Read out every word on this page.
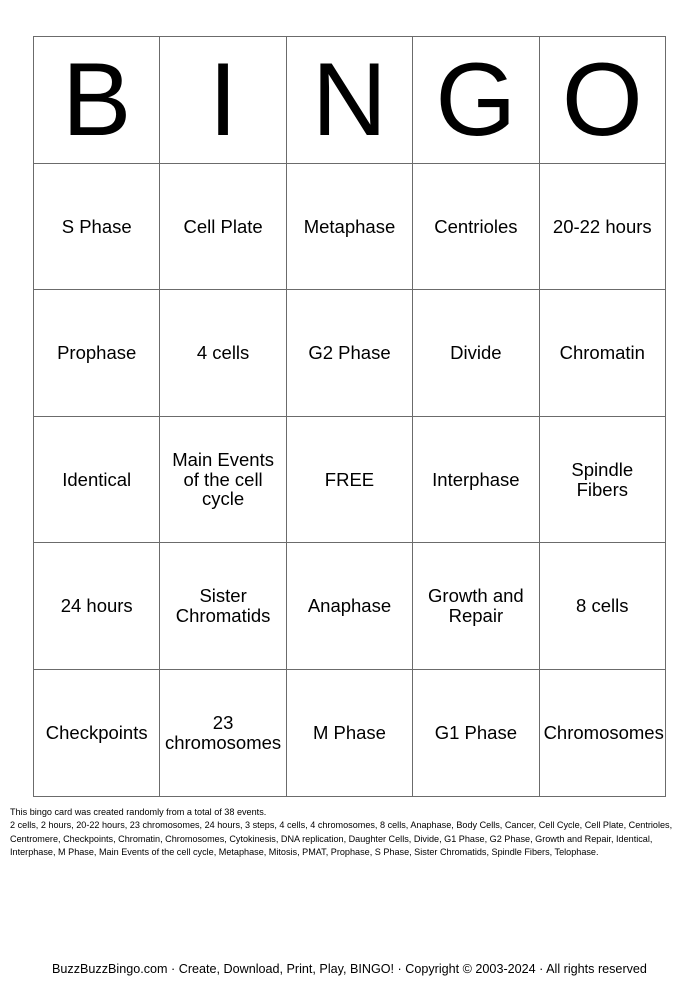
B	I	N	G	O
S Phase	Cell Plate	Metaphase	Centrioles	20-22 hours
Prophase	4 cells	G2 Phase	Divide	Chromatin
Identical	Main Events of the cell cycle	FREE	Interphase	Spindle Fibers
24 hours	Sister Chromatids	Anaphase	Growth and Repair	8 cells
Checkpoints	23 chromosomes	M Phase	G1 Phase	Chromosomes

This bingo card was created randomly from a total of 38 events.

2 cells, 2 hours, 20-22 hours, 23 chromosomes, 24 hours, 3 steps, 4 cells, 4 chromosomes, 8 cells, Anaphase, Body Cells, Cancer, Cell Cycle, Cell Plate, Centrioles, Centromere, Checkpoints, Chromatin, Chromosomes, Cytokinesis, DNA replication, Daughter Cells, Divide, G1 Phase, G2 Phase, Growth and Repair, Identical, Interphase, M Phase, Main Events of the cell cycle, Metaphase, Mitosis, PMAT, Prophase, S Phase, Sister Chromatids, Spindle Fibers, Telophase.

BuzzBuzzBingo.com · Create, Download, Print, Play, BINGO! · Copyright © 2003-2024 · All rights reserved
